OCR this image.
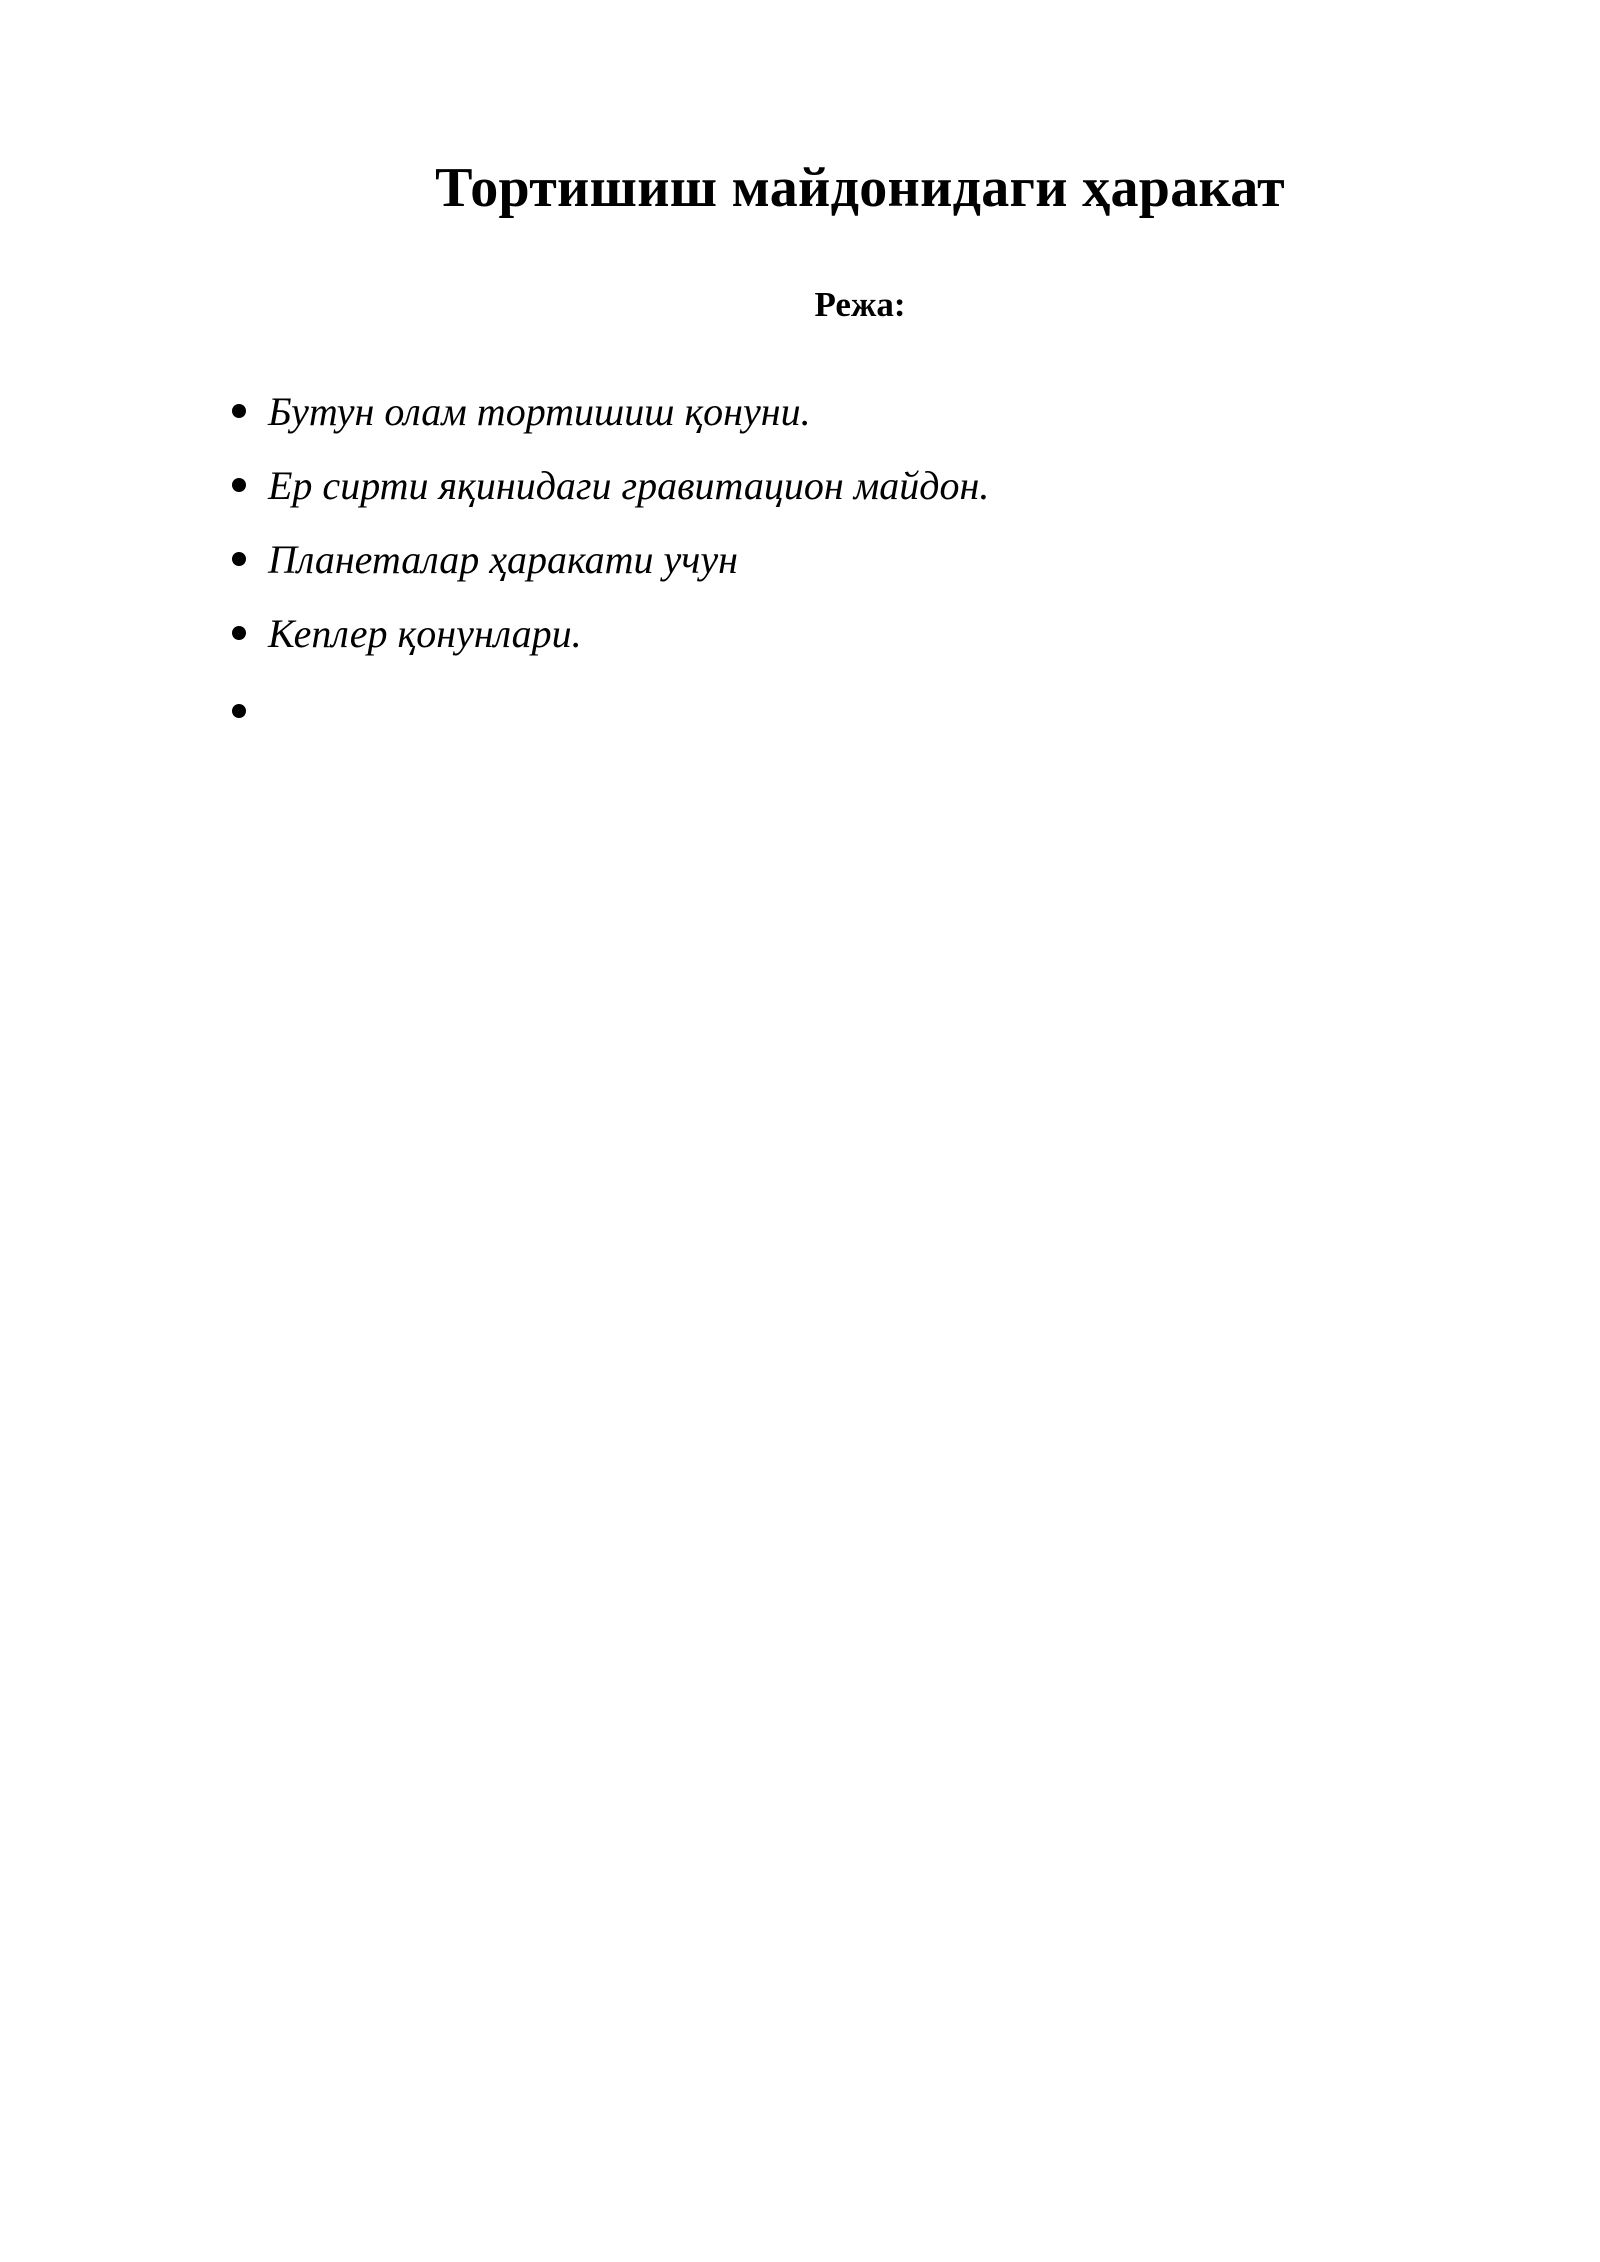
Тортишиш майдонидаги ҳаракат
Режа:
Бутун олам тортишиш қонуни.
Ер сирти яқинидаги гравитацион майдон.
Планеталар ҳаракати учун
Кеплер қонунлари.
